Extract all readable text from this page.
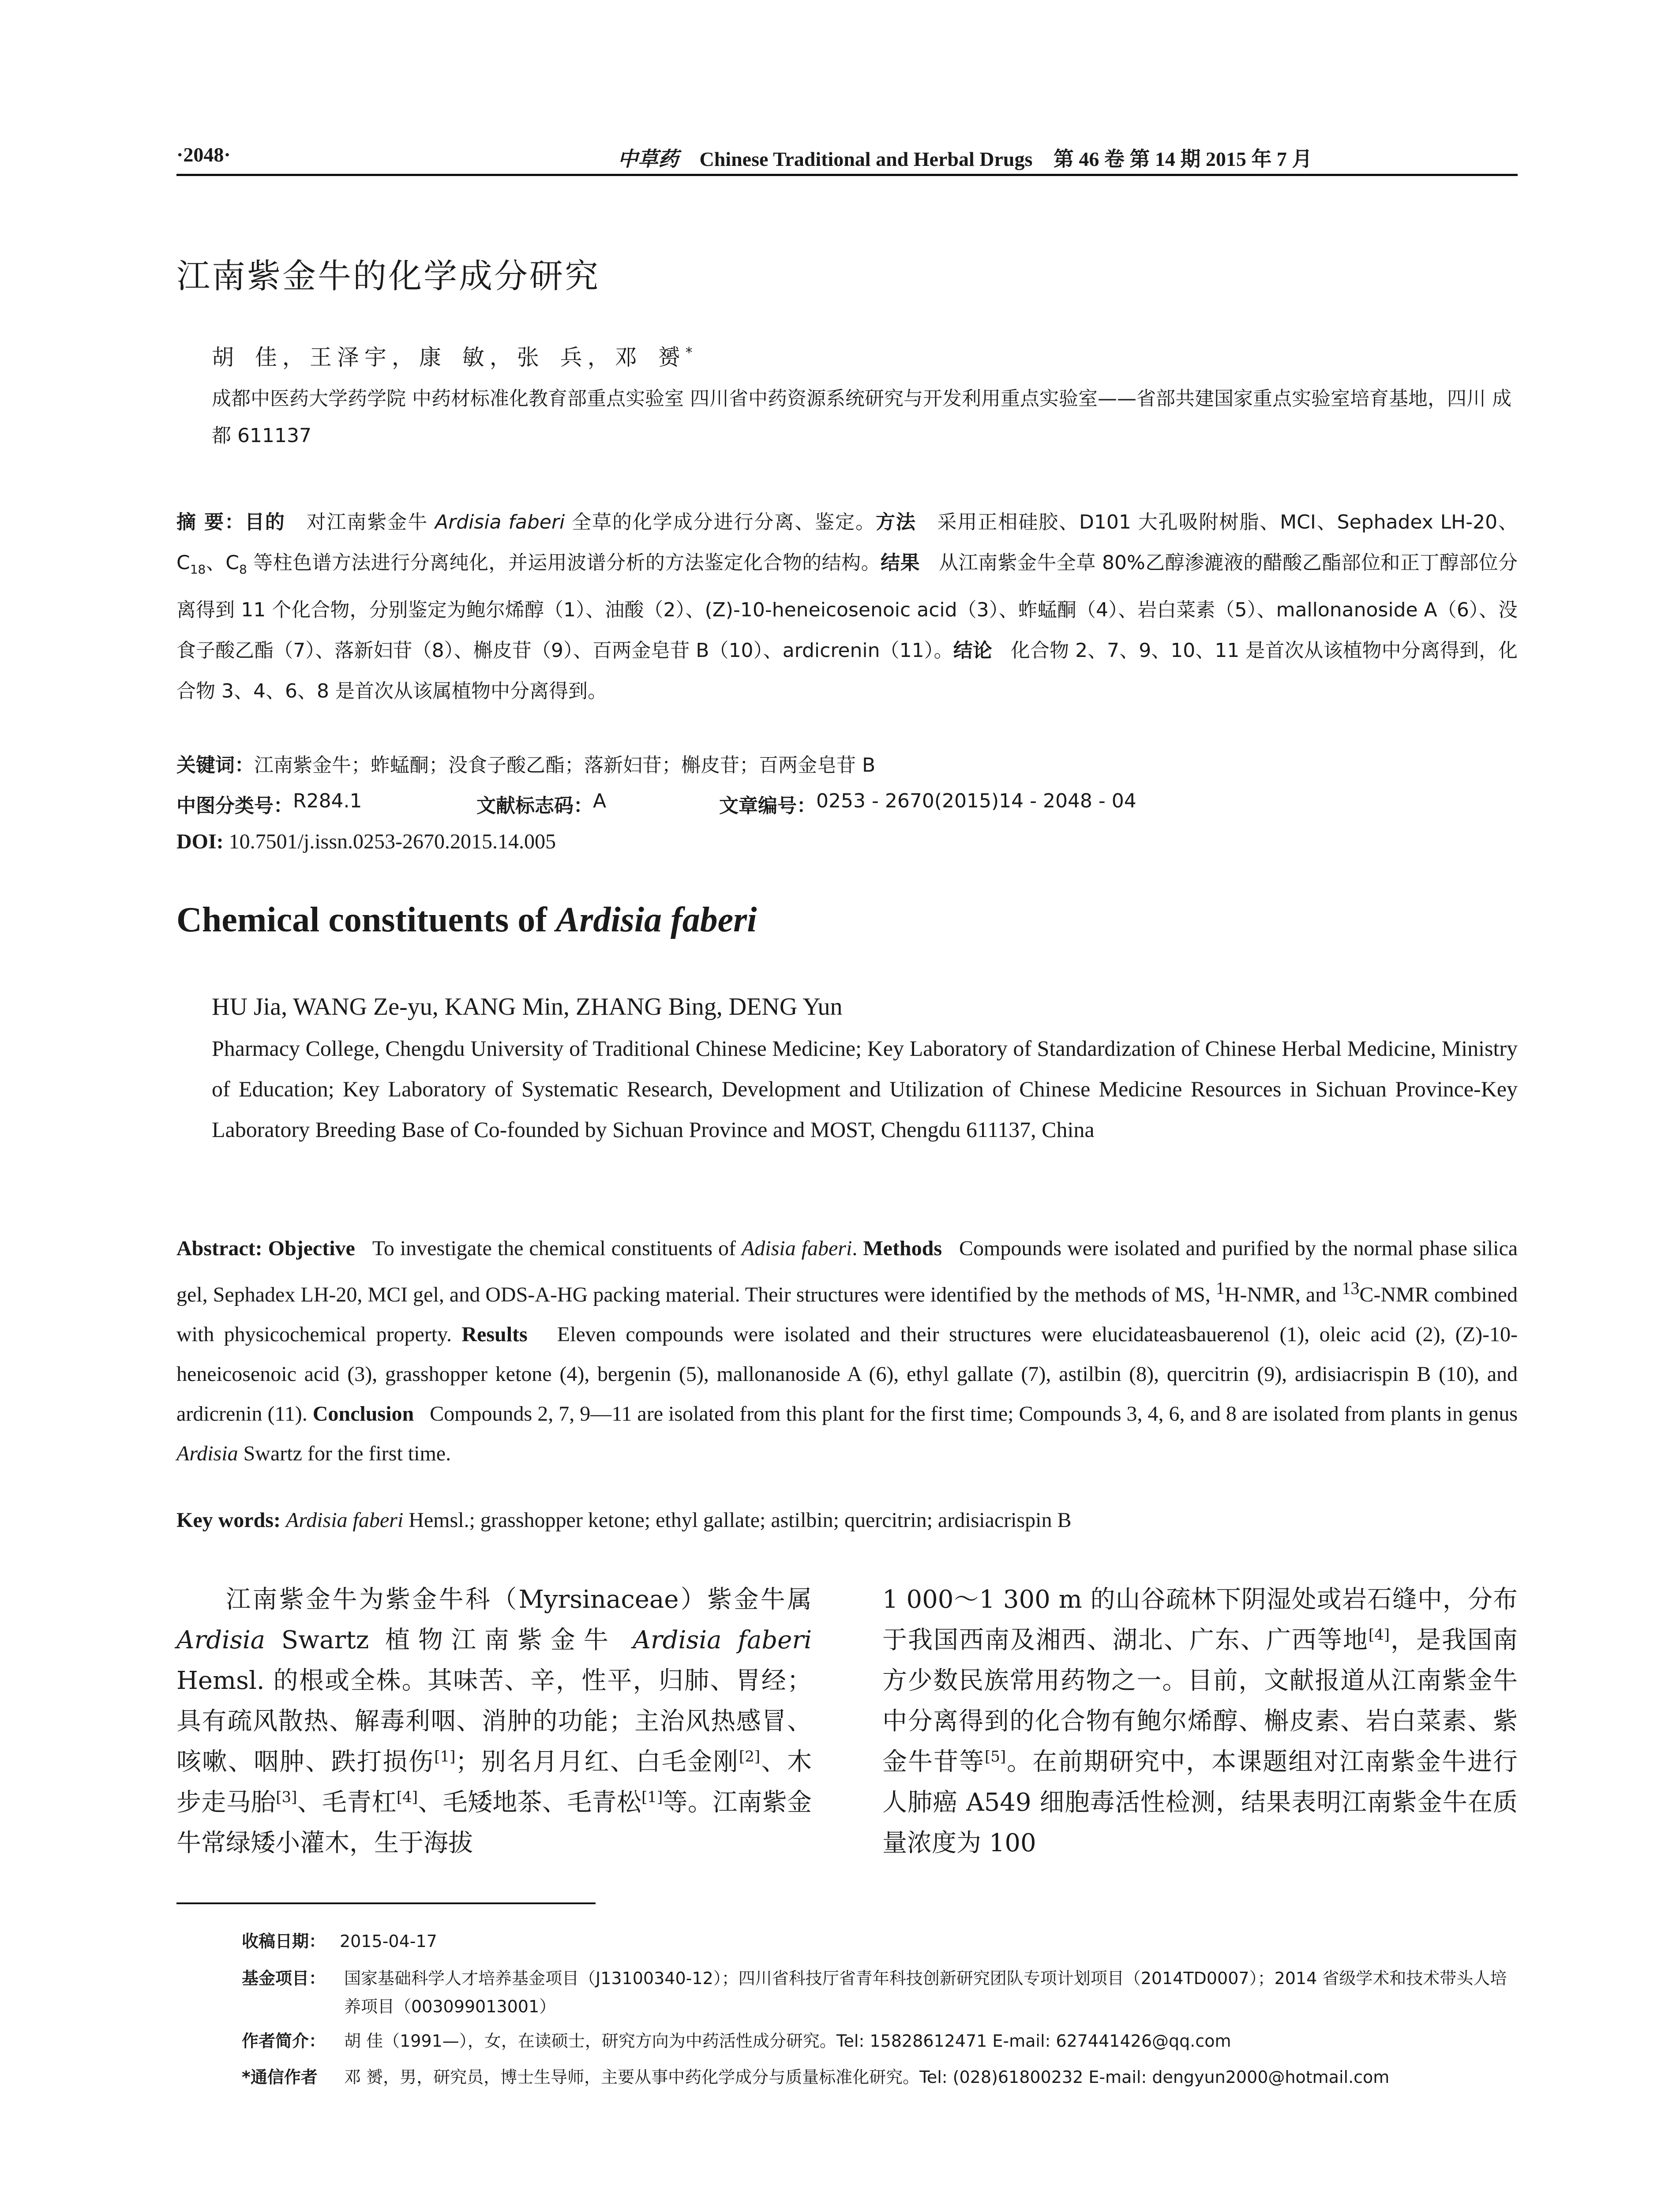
·2048·	中草药 Chinese Traditional and Herbal Drugs 第 46 卷 第 14 期 2015 年 7 月
江南紫金牛的化学成分研究
胡 佳，王泽宇，康 敏，张 兵，邓 赟*
成都中医药大学药学院 中药材标准化教育部重点实验室 四川省中药资源系统研究与开发利用重点实验室——省部共建国家重点实验室培育基地，四川 成都 611137
摘 要：目的 对江南紫金牛 Ardisia faberi 全草的化学成分进行分离、鉴定。方法 采用正相硅胶、D101 大孔吸附树脂、MCI、Sephadex LH-20、$C_{18}$、$C_8$ 等柱色谱方法进行分离纯化，并运用波谱分析的方法鉴定化合物的结构。结果 从江南紫金牛全草 80%乙醇渗漉液的醋酸乙酯部位和正丁醇部位分离得到 11 个化合物，分别鉴定为鲍尔烯醇（1）、油酸（2）、(Z)-10-heneicosenoic acid（3）、蚱蜢酮（4）、岩白菜素（5）、mallonanoside A（6）、没食子酸乙酯（7）、落新妇苷（8）、槲皮苷（9）、百两金皂苷 B（10）、ardicrenin（11）。结论 化合物 2、7、9、10、11 是首次从该植物中分离得到，化合物 3、4、6、8 是首次从该属植物中分离得到。
关键词：江南紫金牛；蚱蜢酮；没食子酸乙酯；落新妇苷；槲皮苷；百两金皂苷 B
中图分类号： R284.1	文献标志码： A	文章编号： 0253 - 2670(2015)14 - 2048 - 04
DOI: 10.7501/j.issn.0253-2670.2015.14.005
Chemical constituents of Ardisia faberi
HU Jia, WANG Ze-yu, KANG Min, ZHANG Bing, DENG Yun
Pharmacy College, Chengdu University of Traditional Chinese Medicine; Key Laboratory of Standardization of Chinese Herbal Medicine, Ministry of Education; Key Laboratory of Systematic Research, Development and Utilization of Chinese Medicine Resources in Sichuan Province-Key Laboratory Breeding Base of Co-founded by Sichuan Province and MOST, Chengdu 611137, China
Abstract: Objective To investigate the chemical constituents of Adisia faberi. Methods Compounds were isolated and purified by the normal phase silica gel, Sephadex LH-20, MCI gel, and ODS-A-HG packing material. Their structures were identified by the methods of MS, $^1$H-NMR, and $^{13}$C-NMR combined with physicochemical property. Results Eleven compounds were isolated and their structures were elucidateasbauerenol (1), oleic acid (2), (Z)-10-heneicosenoic acid (3), grasshopper ketone (4), bergenin (5), mallonanoside A (6), ethyl gallate (7), astilbin (8), quercitrin (9), ardisiacrispin B (10), and ardicrenin (11). Conclusion Compounds 2, 7, 9—11 are isolated from this plant for the first time; Compounds 3, 4, 6, and 8 are isolated from plants in genus Ardisia Swartz for the first time.
Key words: Ardisia faberi Hemsl.; grasshopper ketone; ethyl gallate; astilbin; quercitrin; ardisiacrispin B
江南紫金牛为紫金牛科（Myrsinaceae）紫金牛属 Ardisia Swartz 植物江南紫金牛 Ardisia faberi Hemsl. 的根或全株。其味苦、辛，性平，归肺、胃经；具有疏风散热、解毒利咽、消肿的功能；主治风热感冒、咳嗽、咽肿、跌打损伤[1]；别名月月红、白毛金刚[2]、木步走马胎[3]、毛青杠[4]、毛矮地茶、毛青松[1]等。江南紫金牛常绿矮小灌木，生于海拔
1 000～1 300 m 的山谷疏林下阴湿处或岩石缝中，分布于我国西南及湘西、湖北、广东、广西等地[4]，是我国南方少数民族常用药物之一。目前，文献报道从江南紫金牛中分离得到的化合物有鲍尔烯醇、槲皮素、岩白菜素、紫金牛苷等[5]。在前期研究中，本课题组对江南紫金牛进行人肺癌 A549 细胞毒活性检测，结果表明江南紫金牛在质量浓度为 100
收稿日期： 2015-04-17
基金项目： 国家基础科学人才培养基金项目（J13100340-12）；四川省科技厅省青年科技创新研究团队专项计划项目（2014TD0007）；2014 省级学术和技术带头人培养项目（003099013001）
作者简介： 胡 佳（1991—），女，在读硕士，研究方向为中药活性成分研究。Tel: 15828612471 E-mail: 627441426@qq.com
*通信作者 邓 赟，男，研究员，博士生导师，主要从事中药化学成分与质量标准化研究。Tel: (028)61800232 E-mail: dengyun2000@hotmail.com
